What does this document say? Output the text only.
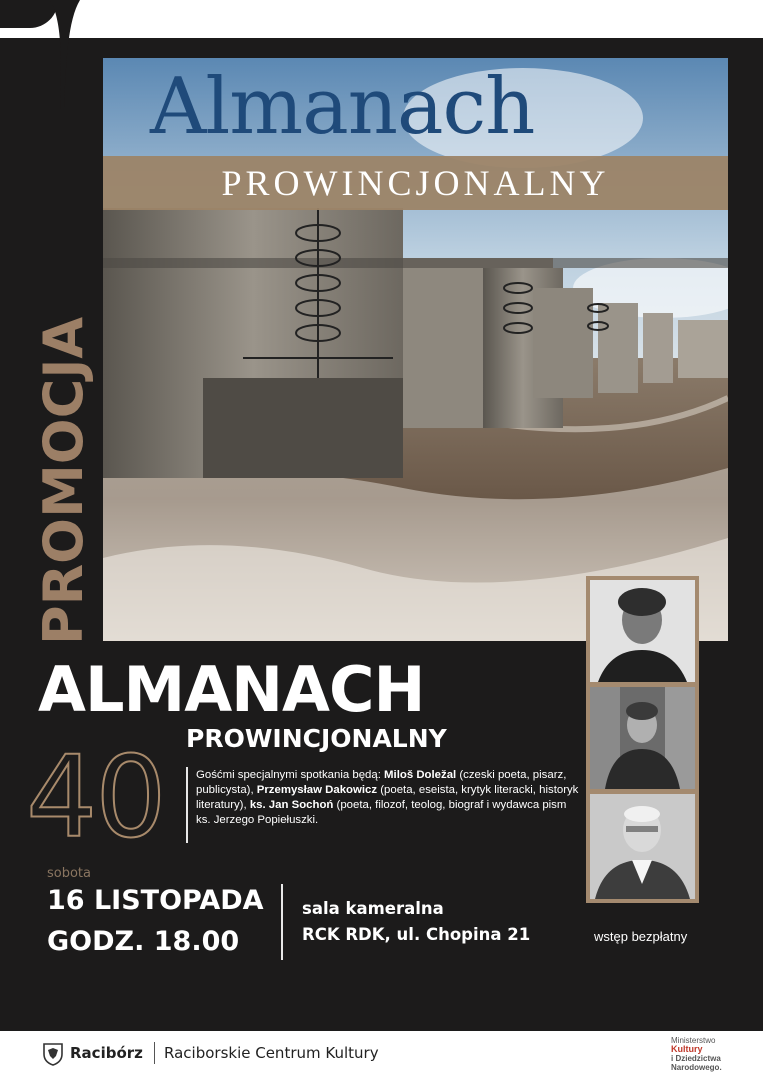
Almanach
PROWINCJONALNY
PROMOCJA
ALMANACH
PROWINCJONALNY
40	Gośćmi specjalnymi spotkania będą: Miloš Doležal (czeski poeta, pisarz, publicysta), Przemysław Dakowicz (poeta, eseista, krytyk literacki, historyk literatury), ks. Jan Sochoń (poeta, filozof, teolog, biograf i wydawca pism ks. Jerzego Popiełuszki.
sobota
16 LISTOPADA
GODZ. 18.00
sala kameralna
RCK RDK, ul. Chopina 21	wstęp bezpłatny
Racibórz Raciborskie Centrum Kultury
Ministerstwo
Kultury
i Dziedzictwa
Narodowego.
